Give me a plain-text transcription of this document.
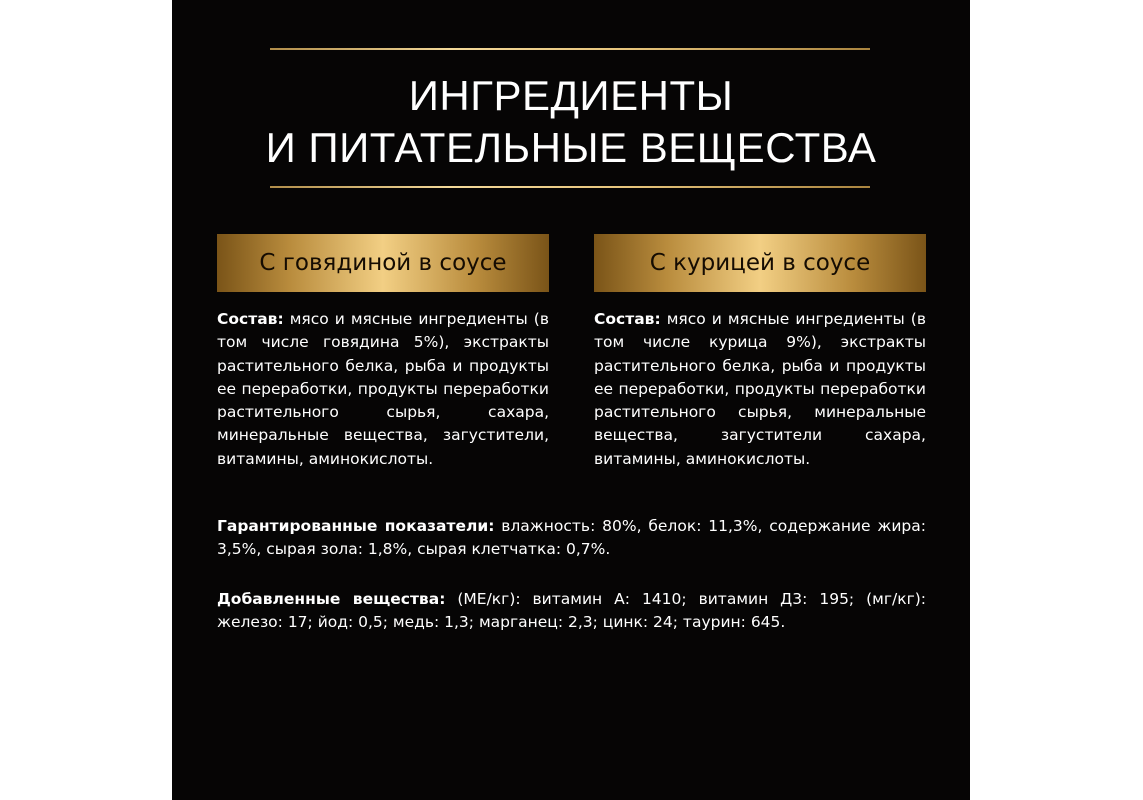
ИНГРЕДИЕНТЫ
И ПИТАТЕЛЬНЫЕ ВЕЩЕСТВА
С говядиной в соусе	С курицей в соусе
Состав: мясо и мясные ингредиенты (в том числе говядина 5%), экстракты растительного белка, рыба и продукты ее переработки, продукты переработки растительного сырья, сахара, минеральные вещества, загустители, витамины, аминокислоты.
Состав: мясо и мясные ингредиенты (в том числе курица 9%), экстракты растительного белка, рыба и продукты ее переработки, продукты переработки растительного сырья, минеральные вещества, загустители сахара, витамины, аминокислоты.
Гарантированные показатели: влажность: 80%, белок: 11,3%, содержание жира: 3,5%, сырая зола: 1,8%, сырая клетчатка: 0,7%.
Добавленные вещества: (МЕ/кг): витамин А: 1410; витамин Д3: 195; (мг/кг): железо: 17; йод: 0,5; медь: 1,3; марганец: 2,3; цинк: 24; таурин: 645.
